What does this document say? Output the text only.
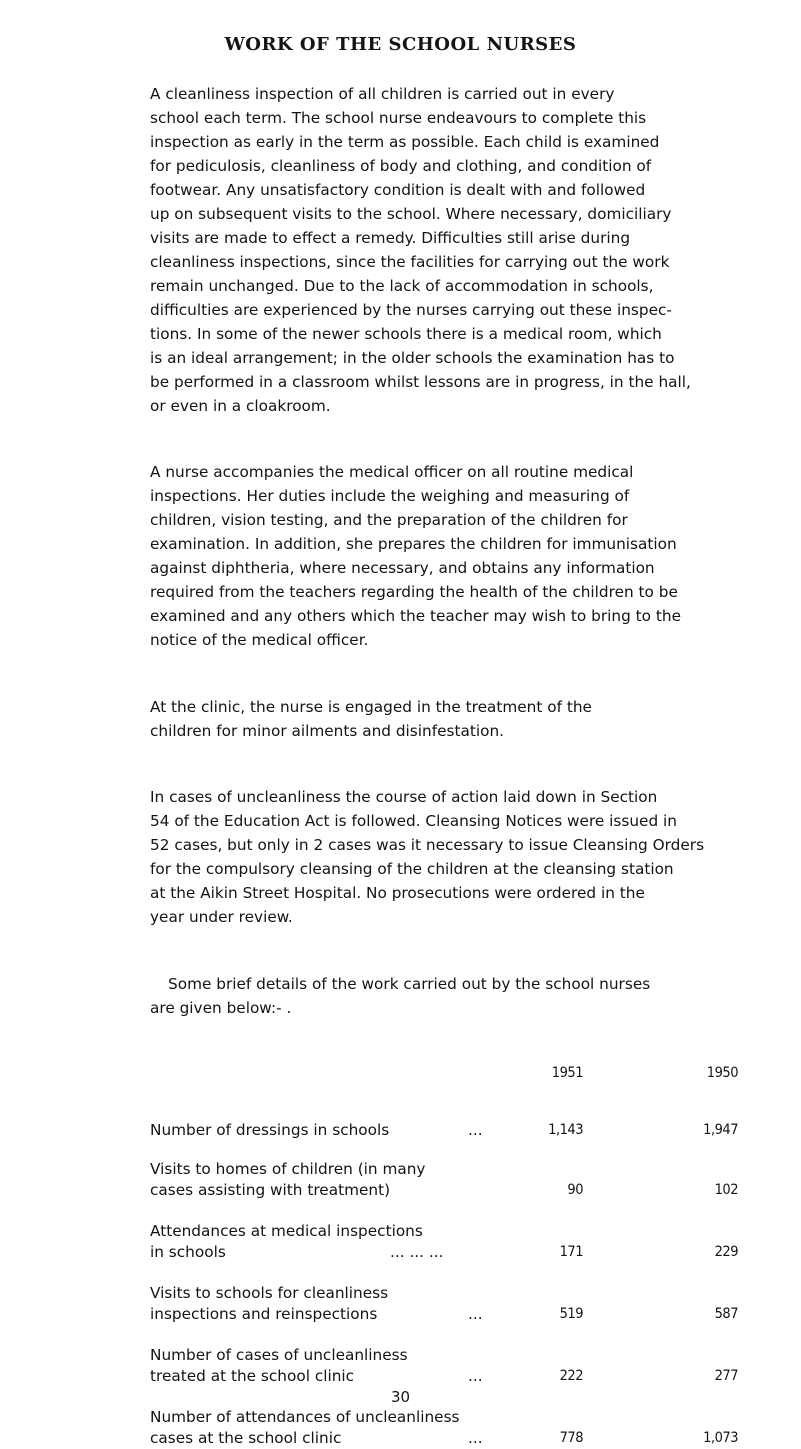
WORK OF THE SCHOOL NURSES

A cleanliness inspection of all children is carried out in every
school each term. The school nurse endeavours to complete this
inspection as early in the term as possible. Each child is examined
for pediculosis, cleanliness of body and clothing, and condition of
footwear. Any unsatisfactory condition is dealt with and followed
up on subsequent visits to the school. Where necessary, domiciliary
visits are made to effect a remedy. Difficulties still arise during
cleanliness inspections, since the facilities for carrying out the work
remain unchanged. Due to the lack of accommodation in schools,
difficulties are experienced by the nurses carrying out these inspec-
tions. In some of the newer schools there is a medical room, which
is an ideal arrangement; in the older schools the examination has to
be performed in a classroom whilst lessons are in progress, in the hall,
or even in a cloakroom.

A nurse accompanies the medical officer on all routine medical
inspections. Her duties include the weighing and measuring of
children, vision testing, and the preparation of the children for
examination. In addition, she prepares the children for immunisation
against diphtheria, where necessary, and obtains any information
required from the teachers regarding the health of the children to be
examined and any others which the teacher may wish to bring to the
notice of the medical officer.

At the clinic, the nurse is engaged in the treatment of the
children for minor ailments and disinfestation.

In cases of uncleanliness the course of action laid down in Section
54 of the Education Act is followed. Cleansing Notices were issued in
52 cases, but only in 2 cases was it necessary to issue Cleansing Orders
for the compulsory cleansing of the children at the cleansing station
at the Aikin Street Hospital. No prosecutions were ordered in the
year under review.

Some brief details of the work carried out by the school nurses
are given below:- .

1951	1950
Number of dressings in schools	...	1,143	1,947
Visits to homes of children (in many
cases assisting with treatment)	90	102
Attendances at medical inspections
in schools	... ... ...	171	229
Visits to schools for cleanliness
inspections and reinspections	...	519	587
Number of cases of uncleanliness
treated at the school clinic	...	222	277
Number of attendances of uncleanliness
cases at the school clinic	...	778	1,073
30
